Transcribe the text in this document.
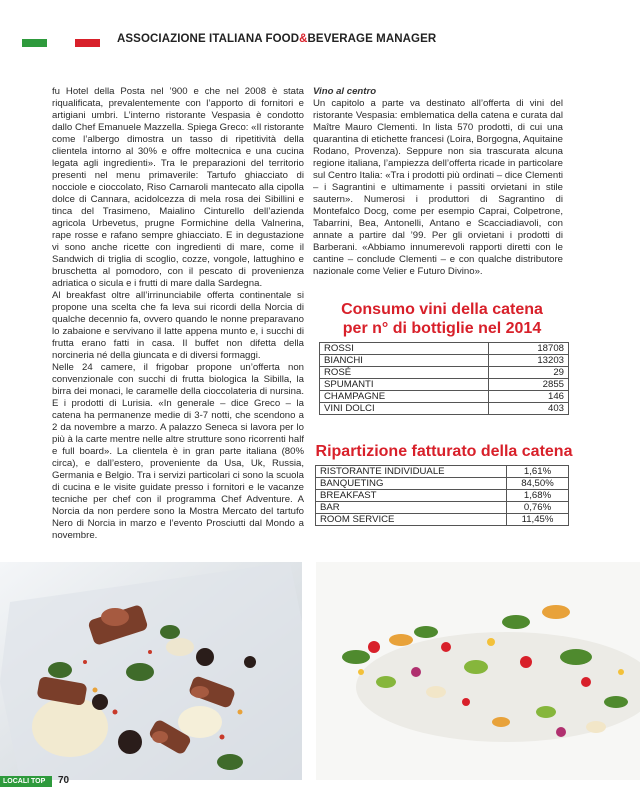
ASSOCIAZIONE ITALIANA FOOD&BEVERAGE MANAGER

fu Hotel della Posta nel ’900 e che nel 2008 è stata riqualificata, prevalentemente con l’apporto di fornitori e artigiani umbri. L’interno ristorante Vespasia è condotto dallo Chef Emanuele Mazzella. Spiega Greco: «Il ristorante come l’albergo dimostra un tasso di ripetitività della clientela intorno al 30% e offre moltecnica e una cucina legata agli ingredienti». Tra le preparazioni del territorio presenti nel menu primaverile: Tartufo ghiacciato di nocciole e cioccolato, Riso Carnaroli mantecato alla cipolla dolce di Cannara, acidolcezza di mela rosa dei Sibillini e tinca del Trasimeno, Maialino Cinturello dell’azienda agricola Urbevetus, prugne Formichine della Valnerina, rape rosse e rafano sempre ghiacciato. E in degustazione vi sono anche ricette con ingredienti di mare, come il Sandwich di triglia di scoglio, cozze, vongole, lattughino e bruschetta al pomodoro, con il pescato di provenienza adriatica o sicula e i frutti di mare dalla Sardegna.

Al breakfast oltre all’irrinunciabile offerta continentale si propone una scelta che fa leva sui ricordi della Norcia di qualche decennio fa, ovvero quando le nonne preparavano lo zabaione e servivano il latte appena munto e, i succhi di frutta erano fatti in casa. Il buffet non difetta della norcineria né della giuncata e di diversi formaggi.

Nelle 24 camere, il frigobar propone un’offerta non convenzionale con succhi di frutta biologica la Sibilla, la birra dei monaci, le caramelle della cioccolateria di nursina. E i prodotti di Lurisia. «In generale – dice Greco – la catena ha permanenze medie di 3-7 notti, che scendono a 2 da novembre a marzo. A palazzo Seneca si lavora per lo più à la carte mentre nelle altre strutture sono ricorrenti half e full board». La clientela è in gran parte italiana (80% circa), e dall’estero, proveniente da Usa, Uk, Russia, Germania e Belgio. Tra i servizi particolari ci sono la scuola di cucina e le visite guidate presso i fornitori e le vacanze tecniche per chef con il programma Chef Adventure. A Norcia da non perdere sono la Mostra Mercato del tartufo Nero di Norcia in marzo e l’evento Prosciutti dal Mondo a novembre.

Vino al centro

Un capitolo a parte va destinato all’offerta di vini del ristorante Vespasia: emblematica della catena e curata dal Maître Mauro Clementi. In lista 570 prodotti, di cui una quarantina di etichette francesi (Loira, Borgogna, Aquitaine Rodano, Provenza). Seppure non sia trascurata alcuna regione italiana, l’ampiezza dell’offerta ricade in particolare sul Centro Italia: «Tra i prodotti più ordinati – dice Clementi – i Sagrantini e ultimamente i passiti orvietani in stile sautern». Numerosi i produttori di Sagrantino di Montefalco Docg, come per esempio Caprai, Colpetrone, Tabarrini, Bea, Antonelli, Antano e Scacciadiavoli, con annate a partire dal ’99. Per gli orvietani i prodotti di Barberani. «Abbiamo innumerevoli rapporti diretti con le cantine – conclude Clementi – e con qualche distributore nazionale come Velier e Futuro Divino».

Consumo vini della catena
per n° di bottiglie nel 2014
ROSSI	18708
BIANCHI	13203
ROSÉ	29
SPUMANTI	2855
CHAMPAGNE	146
VINI DOLCI	403
Ripartizione fatturato della catena
RISTORANTE INDIVIDUALE	1,61%
BANQUETING	84,50%
BREAKFAST	1,68%
BAR	0,76%
ROOM SERVICE	11,45%
LOCALI TOP	70
